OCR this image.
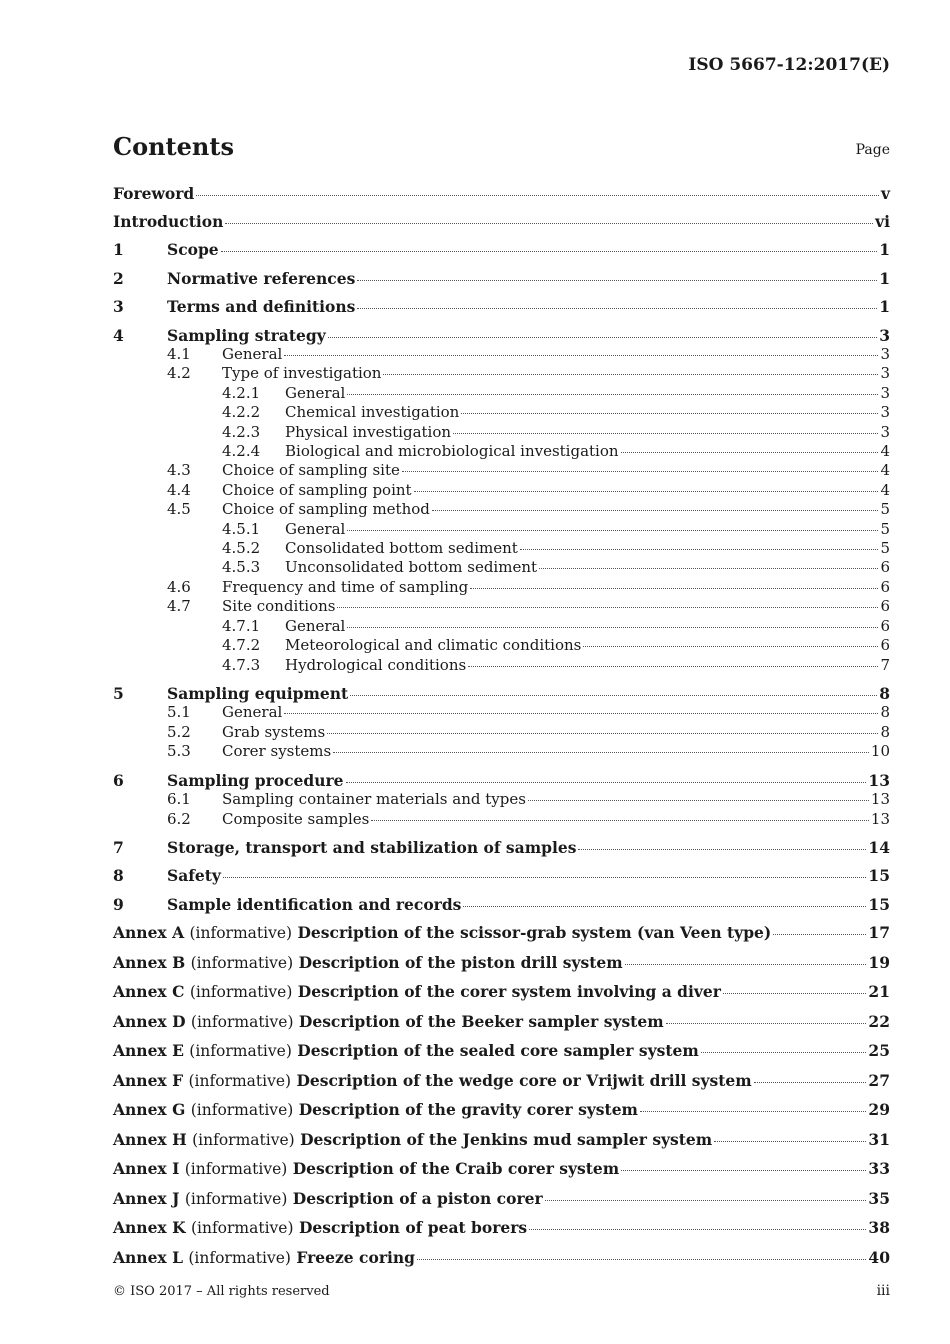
ISO 5667-12:2017(E)
Contents	Page
Foreword	v
Introduction	vi
1	Scope	1
2	Normative references	1
3	Terms and definitions	1
4	Sampling strategy	3
4.1	General	3
4.2	Type of investigation	3
4.2.1	General	3
4.2.2	Chemical investigation	3
4.2.3	Physical investigation	3
4.2.4	Biological and microbiological investigation	4
4.3	Choice of sampling site	4
4.4	Choice of sampling point	4
4.5	Choice of sampling method	5
4.5.1	General	5
4.5.2	Consolidated bottom sediment	5
4.5.3	Unconsolidated bottom sediment	6
4.6	Frequency and time of sampling	6
4.7	Site conditions	6
4.7.1	General	6
4.7.2	Meteorological and climatic conditions	6
4.7.3	Hydrological conditions	7
5	Sampling equipment	8
5.1	General	8
5.2	Grab systems	8
5.3	Corer systems	10
6	Sampling procedure	13
6.1	Sampling container materials and types	13
6.2	Composite samples	13
7	Storage, transport and stabilization of samples	14
8	Safety	15
9	Sample identification and records	15
Annex A (informative) Description of the scissor-grab system (van Veen type)	17
Annex B (informative) Description of the piston drill system	19
Annex C (informative) Description of the corer system involving a diver	21
Annex D (informative) Description of the Beeker sampler system	22
Annex E (informative) Description of the sealed core sampler system	25
Annex F (informative) Description of the wedge core or Vrijwit drill system	27
Annex G (informative) Description of the gravity corer system	29
Annex H (informative) Description of the Jenkins mud sampler system	31
Annex I (informative) Description of the Craib corer system	33
Annex J (informative) Description of a piston corer	35
Annex K (informative) Description of peat borers	38
Annex L (informative) Freeze coring	40
© ISO 2017 – All rights reserved	iii
